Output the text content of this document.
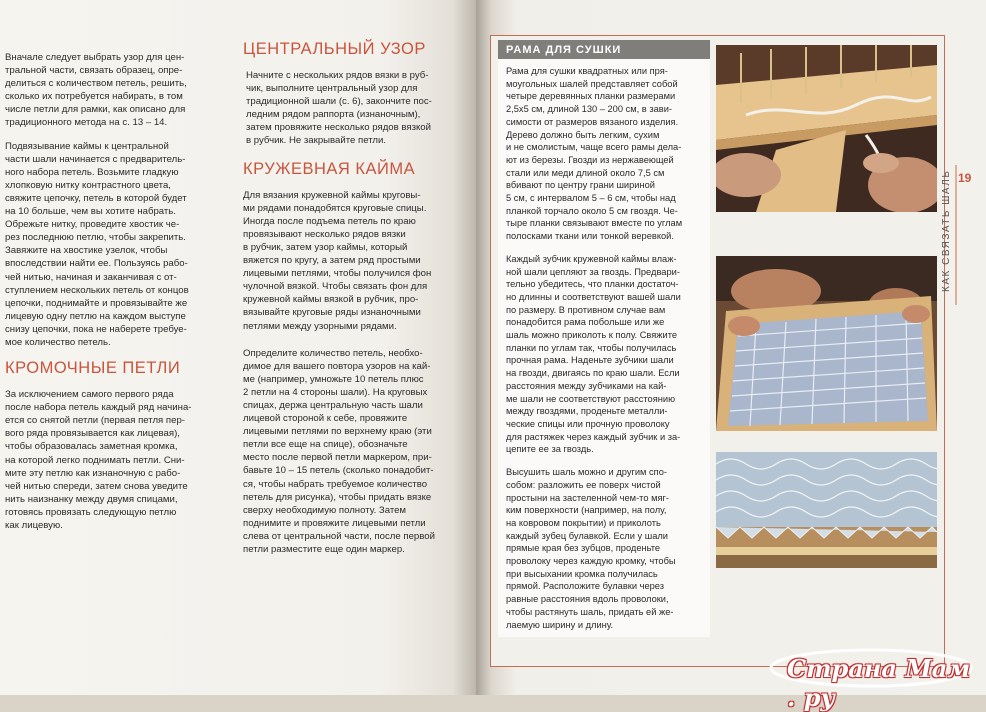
Вначале следует выбрать узор для цен-
тральной части, связать образец, опре-
делиться с количеством петель, решить,
сколько их потребуется набирать, в том
числе петли для рамки, как описано для
традиционного метода на с. 13 – 14.

Подвязывание каймы к центральной
части шали начинается с предваритель-
ного набора петель. Возьмите гладкую
хлопковую нитку контрастного цвета,
свяжите цепочку, петель в которой будет
на 10 больше, чем вы хотите набрать.
Обрежьте нитку, проведите хвостик че-
рез последнюю петлю, чтобы закрепить.
Завяжите на хвостике узелок, чтобы
впоследствии найти ее. Пользуясь рабо-
чей нитью, начиная и заканчивая с от-
ступлением нескольких петель от концов
цепочки, поднимайте и провязывайте же
лицевую одну петлю на каждом выступе
снизу цепочки, пока не наберете требуе-
мое количество петель.

КРОМОЧНЫЕ ПЕТЛИ

За исключением самого первого ряда
после набора петель каждый ряд начина-
ется со снятой петли (первая петля пер-
вого ряда провязывается как лицевая),
чтобы образовалась заметная кромка,
на которой легко поднимать петли. Сни-
мите эту петлю как изнаночную с рабо-
чей нитью спереди, затем снова уведите
нить наизнанку между двумя спицами,
готовясь провязать следующую петлю
как лицевую.

ЦЕНТРАЛЬНЫЙ УЗОР

Начните с нескольких рядов вязки в руб-
чик, выполните центральный узор для
традиционной шали (с. 6), закончите пос-
ледним рядом раппорта (изнаночным),
затем провяжите несколько рядов вязкой
в рубчик. Не закрывайте петли.

КРУЖЕВНАЯ КАЙМА

Для вязания кружевной каймы круговы-
ми рядами понадобятся круговые спицы.
Иногда после подъема петель по краю
провязывают несколько рядов вязки
в рубчик, затем узор каймы, который
вяжется по кругу, а затем ряд простыми
лицевыми петлями, чтобы получился фон
чулочной вязкой. Чтобы связать фон для
кружевной каймы вязкой в рубчик, про-
вязывайте круговые ряды изнаночными
петлями между узорными рядами.

Определите количество петель, необхо-
димое для вашего повтора узоров на кай-
ме (например, умножьте 10 петель плюс
2 петли на 4 стороны шали). На круговых
спицах, держа центральную часть шали
лицевой стороной к себе, провяжите
лицевыми петлями по верхнему краю (эти
петли все еще на спице), обозначьте
место после первой петли маркером, при-
бавьте 10 – 15 петель (сколько понадобит-
ся, чтобы набрать требуемое количество
петель для рисунка), чтобы придать вязке
сверху необходимую полноту. Затем
поднимите и провяжите лицевыми петли
слева от центральной части, после первой
петли разместите еще один маркер.

РАМА ДЛЯ СУШКИ

Рама для сушки квадратных или пря-
моугольных шалей представляет собой
четыре деревянных планки размерами
2,5х5 см, длиной 130 – 200 см, в зави-
симости от размеров вязаного изделия.
Дерево должно быть легким, сухим
и не смолистым, чаще всего рамы дела-
ют из березы. Гвозди из нержавеющей
стали или меди длиной около 7,5 см
вбивают по центру грани шириной
5 см, с интервалом 5 – 6 см, чтобы над
планкой торчало около 5 см гвоздя. Че-
тыре планки связывают вместе по углам
полосками ткани или тонкой веревкой.

Каждый зубчик кружевной каймы влаж-
ной шали цепляют за гвоздь. Предвари-
тельно убедитесь, что планки достаточ-
но длинны и соответствуют вашей шали
по размеру. В противном случае вам
понадобится рама побольше или же
шаль можно приколоть к полу. Свяжите
планки по углам так, чтобы получилась
прочная рама. Наденьте зубчики шали
на гвозди, двигаясь по краю шали. Если
расстояния между зубчиками на кай-
ме шали не соответствуют расстоянию
между гвоздями, проденьте металли-
ческие спицы или прочную проволоку
для растяжек через каждый зубчик и за-
цепите ее за гвоздь.

Высушить шаль можно и другим спо-
собом: разложить ее поверх чистой
простыни на застеленной чем-то мяг-
ким поверхности (например, на полу,
на ковровом покрытии) и приколоть
каждый зубец булавкой. Если у шали
прямые края без зубцов, проденьте
проволоку через каждую кромку, чтобы
при высыхании кромка получилась
прямой. Расположите булавки через
равные расстояния вдоль проволоки,
чтобы растянуть шаль, придать ей же-
лаемую ширину и длину.

19
КАК СВЯЗАТЬ ШАЛЬ
Страна Мам . ру
